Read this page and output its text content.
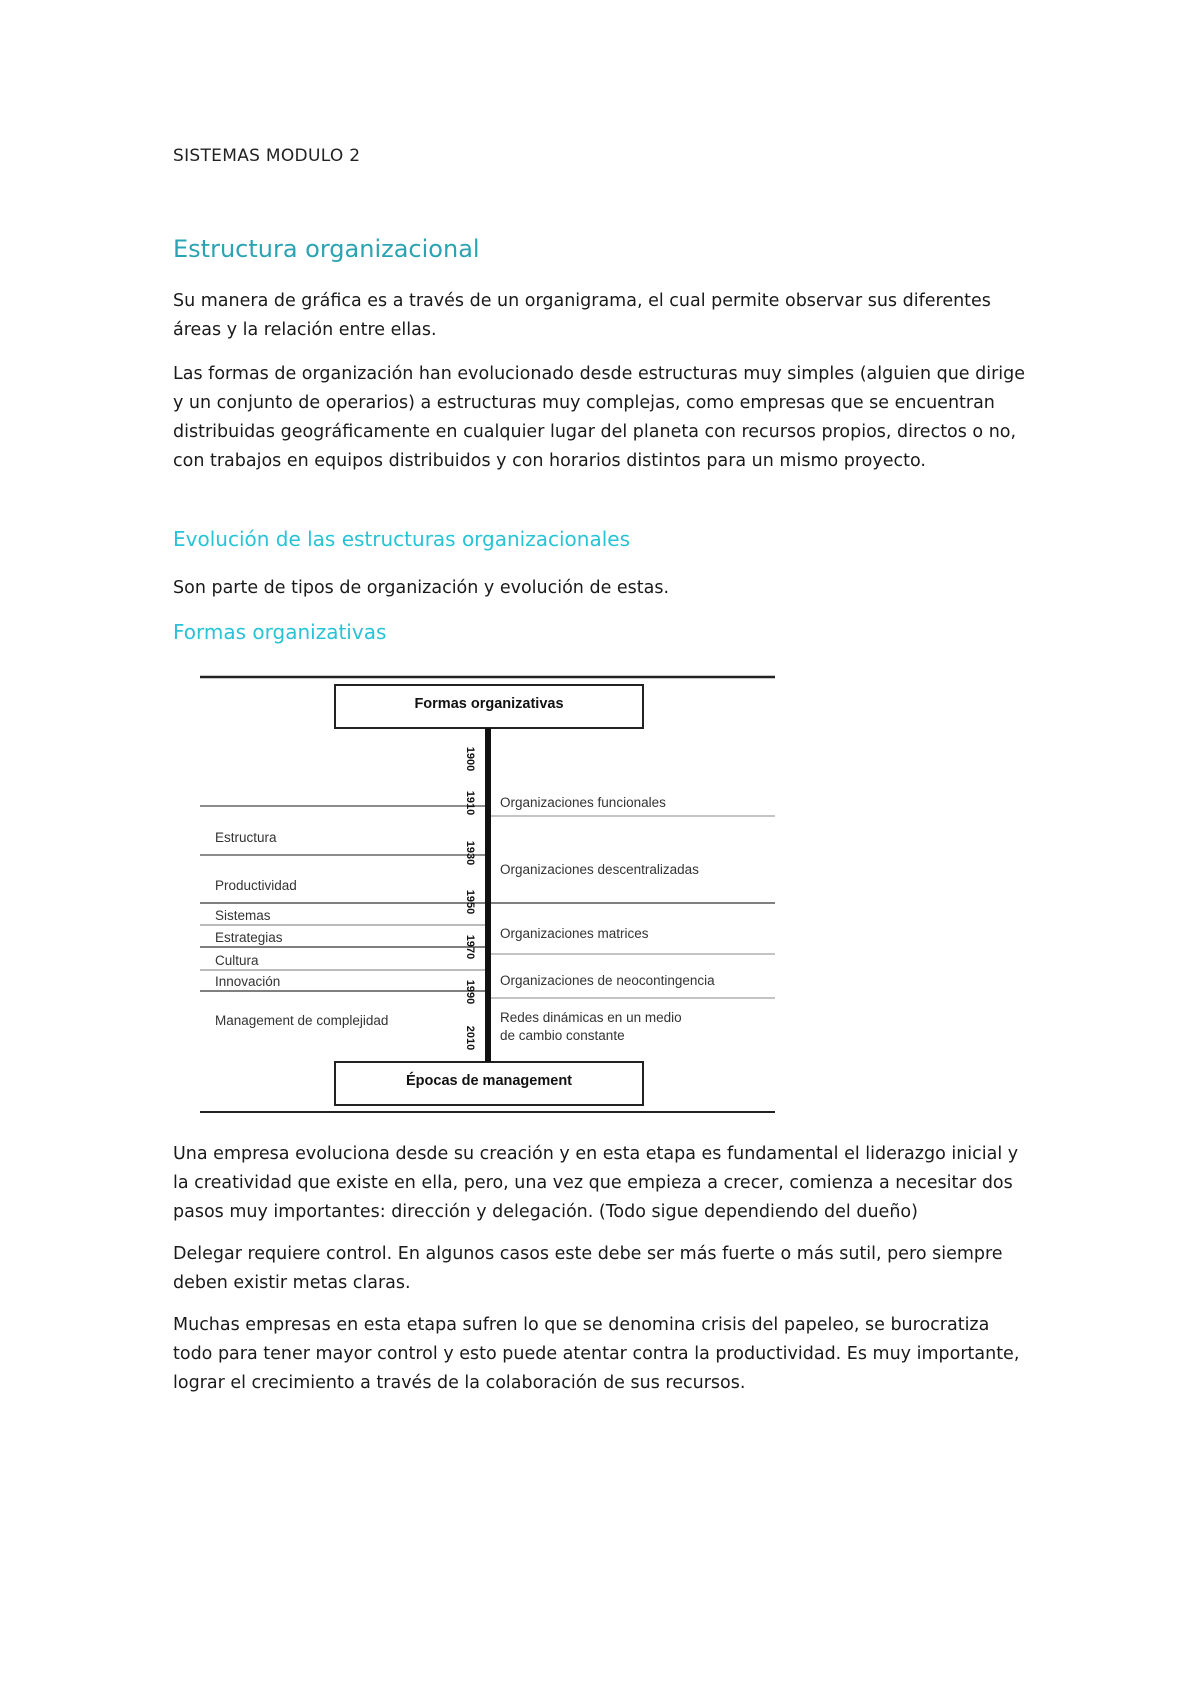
SISTEMAS MODULO 2
Estructura organizacional

Su manera de gráfica es a través de un organigrama, el cual permite observar sus diferentes áreas y la relación entre ellas.

Las formas de organización han evolucionado desde estructuras muy simples (alguien que dirige y un conjunto de operarios) a estructuras muy complejas, como empresas que se encuentran distribuidas geográficamente en cualquier lugar del planeta con recursos propios, directos o no, con trabajos en equipos distribuidos y con horarios distintos para un mismo proyecto.

Evolución de las estructuras organizacionales

Son parte de tipos de organización y evolución de estas.

Formas organizativas

Una empresa evoluciona desde su creación y en esta etapa es fundamental el liderazgo inicial y la creatividad que existe en ella, pero, una vez que empieza a crecer, comienza a necesitar dos pasos muy importantes: dirección y delegación. (Todo sigue dependiendo del dueño)

Delegar requiere control. En algunos casos este debe ser más fuerte o más sutil, pero siempre deben existir metas claras.

Muchas empresas en esta etapa sufren lo que se denomina crisis del papeleo, se burocratiza todo para tener mayor control y esto puede atentar contra la productividad. Es muy importante, lograr el crecimiento a través de la colaboración de sus recursos.

Formas organizativas
Épocas de management
1900
1910
1930
1950
1970
1990
2010
Estructura
Productividad
Sistemas
Estrategias
Cultura
Innovación
Management de complejidad
Organizaciones funcionales
Organizaciones descentralizadas
Organizaciones matrices
Organizaciones de neocontingencia
Redes dinámicas en un medio
de cambio constante
